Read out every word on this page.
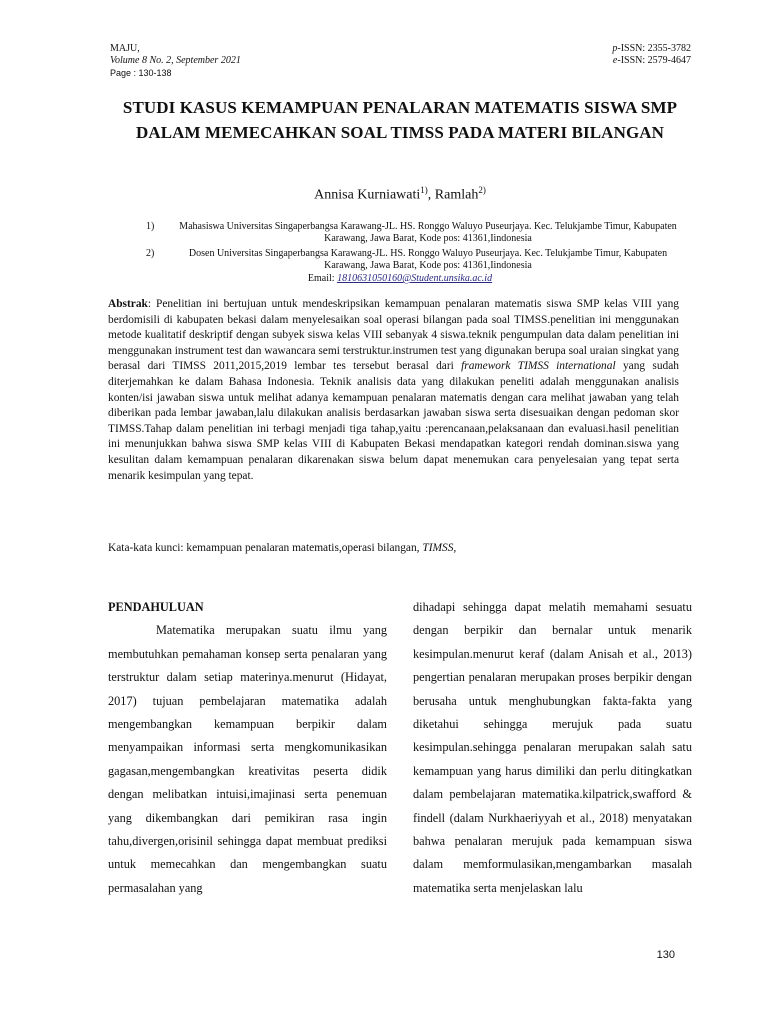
MAJU,
Volume 8 No. 2, September 2021
Page : 130-138
p-ISSN: 2355-3782
e-ISSN: 2579-4647
STUDI KASUS KEMAMPUAN PENALARAN MATEMATIS SISWA SMP DALAM MEMECAHKAN SOAL TIMSS PADA MATERI BILANGAN
Annisa Kurniawati$^{1)}$, Ramlah$^{2)}$
1)	Mahasiswa Universitas Singaperbangsa Karawang-JL. HS. Ronggo Waluyo Puseurjaya. Kec. Telukjambe Timur, Kabupaten Karawang, Jawa Barat, Kode pos: 41361,Iindonesia
2)	Dosen Universitas Singaperbangsa Karawang-JL. HS. Ronggo Waluyo Puseurjaya. Kec. Telukjambe Timur, Kabupaten Karawang, Jawa Barat, Kode pos: 41361,Iindonesia
Email: 1810631050160@Student.unsika.ac.id
Abstrak: Penelitian ini bertujuan untuk mendeskripsikan kemampuan penalaran matematis siswa SMP kelas VIII yang berdomisili di kabupaten bekasi dalam menyelesaikan soal operasi bilangan pada soal TIMSS.penelitian ini menggunakan metode kualitatif deskriptif dengan subyek siswa kelas VIII sebanyak 4 siswa.teknik pengumpulan data dalam penelitian ini menggunakan instrument test dan wawancara semi terstruktur.instrumen test yang digunakan berupa soal uraian singkat yang berasal dari TIMSS 2011,2015,2019 lembar tes tersebut berasal dari framework TIMSS international yang sudah diterjemahkan ke dalam Bahasa Indonesia. Teknik analisis data yang dilakukan peneliti adalah menggunakan analisis konten/isi jawaban siswa untuk melihat adanya kemampuan penalaran matematis dengan cara melihat jawaban yang telah diberikan pada lembar jawaban,lalu dilakukan analisis berdasarkan jawaban siswa serta disesuaikan dengan pedoman skor TIMSS.Tahap dalam penelitian ini terbagi menjadi tiga tahap,yaitu :perencanaan,pelaksanaan dan evaluasi.hasil penelitian ini menunjukkan bahwa siswa SMP kelas VIII di Kabupaten Bekasi mendapatkan kategori rendah dominan.siswa yang kesulitan dalam kemampuan penalaran dikarenakan siswa belum dapat menemukan cara penyelesaian yang tepat serta menarik kesimpulan yang tepat.
Kata-kata kunci: kemampuan penalaran matematis,operasi bilangan, TIMSS,
PENDAHULUAN

Matematika merupakan suatu ilmu yang membutuhkan pemahaman konsep serta penalaran yang terstruktur dalam setiap materinya.menurut (Hidayat, 2017) tujuan pembelajaran matematika adalah mengembangkan kemampuan berpikir dalam menyampaikan informasi serta mengkomunikasikan gagasan,mengembangkan kreativitas peserta didik dengan melibatkan intuisi,imajinasi serta penemuan yang dikembangkan dari pemikiran rasa ingin tahu,divergen,orisinil sehingga dapat membuat prediksi untuk memecahkan dan mengembangkan suatu permasalahan yang

dihadapi sehingga dapat melatih memahami sesuatu dengan berpikir dan bernalar untuk menarik kesimpulan.menurut keraf (dalam Anisah et al., 2013) pengertian penalaran merupakan proses berpikir dengan berusaha untuk menghubungkan fakta-fakta yang diketahui sehingga merujuk pada suatu kesimpulan.sehingga penalaran merupakan salah satu kemampuan yang harus dimiliki dan perlu ditingkatkan dalam pembelajaran matematika.kilpatrick,swafford & findell (dalam Nurkhaeriyyah et al., 2018) menyatakan bahwa penalaran merujuk pada kemampuan siswa dalam memformulasikan,mengambarkan masalah matematika serta menjelaskan lalu

130
